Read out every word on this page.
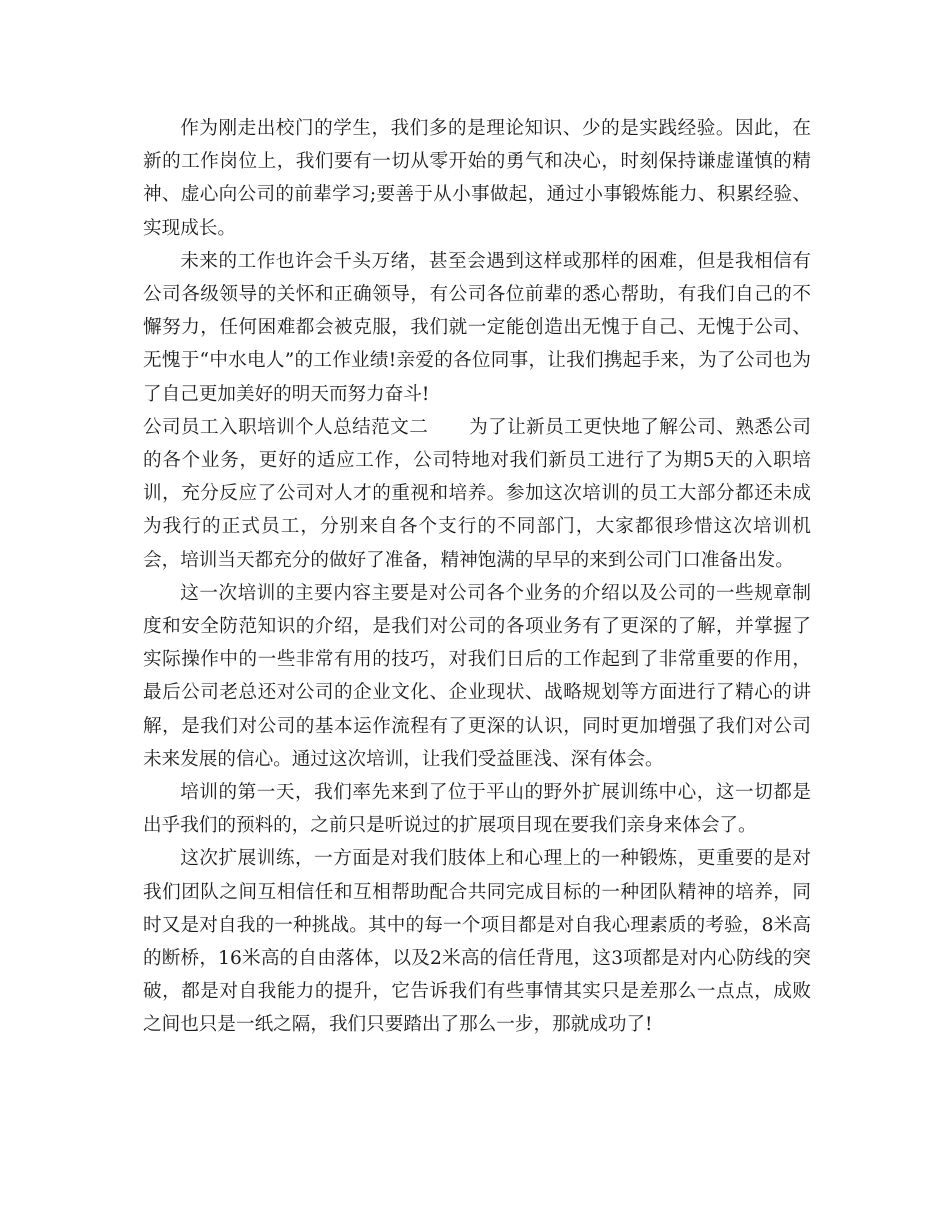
作为刚走出校门的学生，我们多的是理论知识、少的是实践经验。因此，在新的工作岗位上，我们要有一切从零开始的勇气和决心，时刻保持谦虚谨慎的精神、虚心向公司的前辈学习;要善于从小事做起，通过小事锻炼能力、积累经验、实现成长。

未来的工作也许会千头万绪，甚至会遇到这样或那样的困难，但是我相信有公司各级领导的关怀和正确领导，有公司各位前辈的悉心帮助，有我们自己的不懈努力，任何困难都会被克服，我们就一定能创造出无愧于自己、无愧于公司、无愧于“中水电人”的工作业绩!亲爱的各位同事，让我们携起手来，为了公司也为了自己更加美好的明天而努力奋斗!

公司员工入职培训个人总结范文二 为了让新员工更快地了解公司、熟悉公司的各个业务，更好的适应工作，公司特地对我们新员工进行了为期5天的入职培训，充分反应了公司对人才的重视和培养。参加这次培训的员工大部分都还未成为我行的正式员工，分别来自各个支行的不同部门，大家都很珍惜这次培训机会，培训当天都充分的做好了准备，精神饱满的早早的来到公司门口准备出发。

这一次培训的主要内容主要是对公司各个业务的介绍以及公司的一些规章制度和安全防范知识的介绍，是我们对公司的各项业务有了更深的了解，并掌握了实际操作中的一些非常有用的技巧，对我们日后的工作起到了非常重要的作用，最后公司老总还对公司的企业文化、企业现状、战略规划等方面进行了精心的讲解，是我们对公司的基本运作流程有了更深的认识，同时更加增强了我们对公司未来发展的信心。通过这次培训，让我们受益匪浅、深有体会。

培训的第一天，我们率先来到了位于平山的野外扩展训练中心，这一切都是出乎我们的预料的，之前只是听说过的扩展项目现在要我们亲身来体会了。

这次扩展训练，一方面是对我们肢体上和心理上的一种锻炼，更重要的是对我们团队之间互相信任和互相帮助配合共同完成目标的一种团队精神的培养，同时又是对自我的一种挑战。其中的每一个项目都是对自我心理素质的考验，8米高的断桥，16米高的自由落体，以及2米高的信任背甩，这3项都是对内心防线的突破，都是对自我能力的提升，它告诉我们有些事情其实只是差那么一点点，成败之间也只是一纸之隔，我们只要踏出了那么一步，那就成功了!
